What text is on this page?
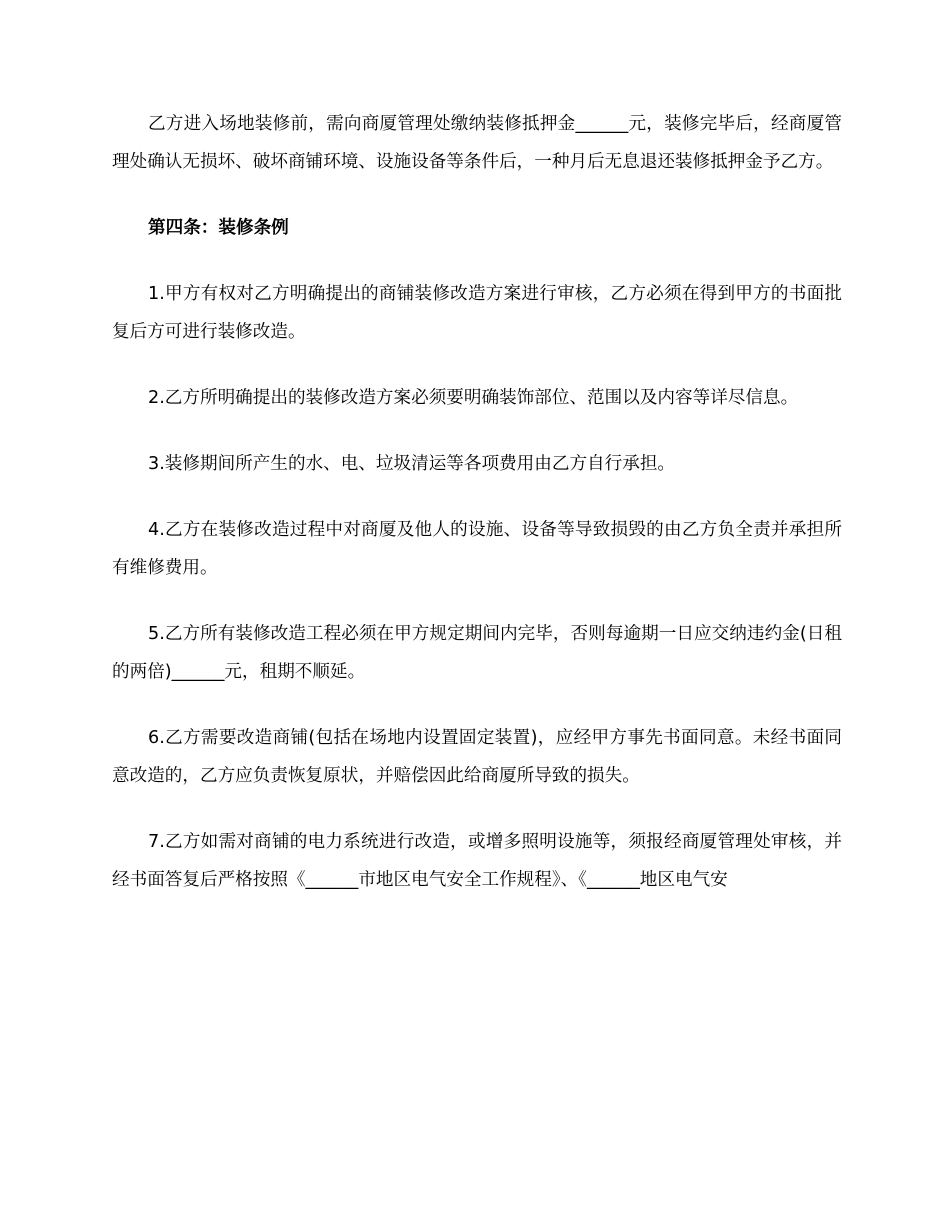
乙方进入场地装修前，需向商厦管理处缴纳装修抵押金______元，装修完毕后，经商厦管理处确认无损坏、破坏商铺环境、设施设备等条件后，一种月后无息退还装修抵押金予乙方。

第四条：装修条例

1.甲方有权对乙方明确提出的商铺装修改造方案进行审核，乙方必须在得到甲方的书面批复后方可进行装修改造。

2.乙方所明确提出的装修改造方案必须要明确装饰部位、范围以及内容等详尽信息。

3.装修期间所产生的水、电、垃圾清运等各项费用由乙方自行承担。

4.乙方在装修改造过程中对商厦及他人的设施、设备等导致损毁的由乙方负全责并承担所有维修费用。

5.乙方所有装修改造工程必须在甲方规定期间内完毕，否则每逾期一日应交纳违约金(日租的两倍)______元，租期不顺延。

6.乙方需要改造商铺(包括在场地内设置固定装置)，应经甲方事先书面同意。未经书面同意改造的，乙方应负责恢复原状，并赔偿因此给商厦所导致的损失。

7.乙方如需对商铺的电力系统进行改造，或增多照明设施等，须报经商厦管理处审核，并经书面答复后严格按照《______市地区电气安全工作规程》、《______地区电气安
